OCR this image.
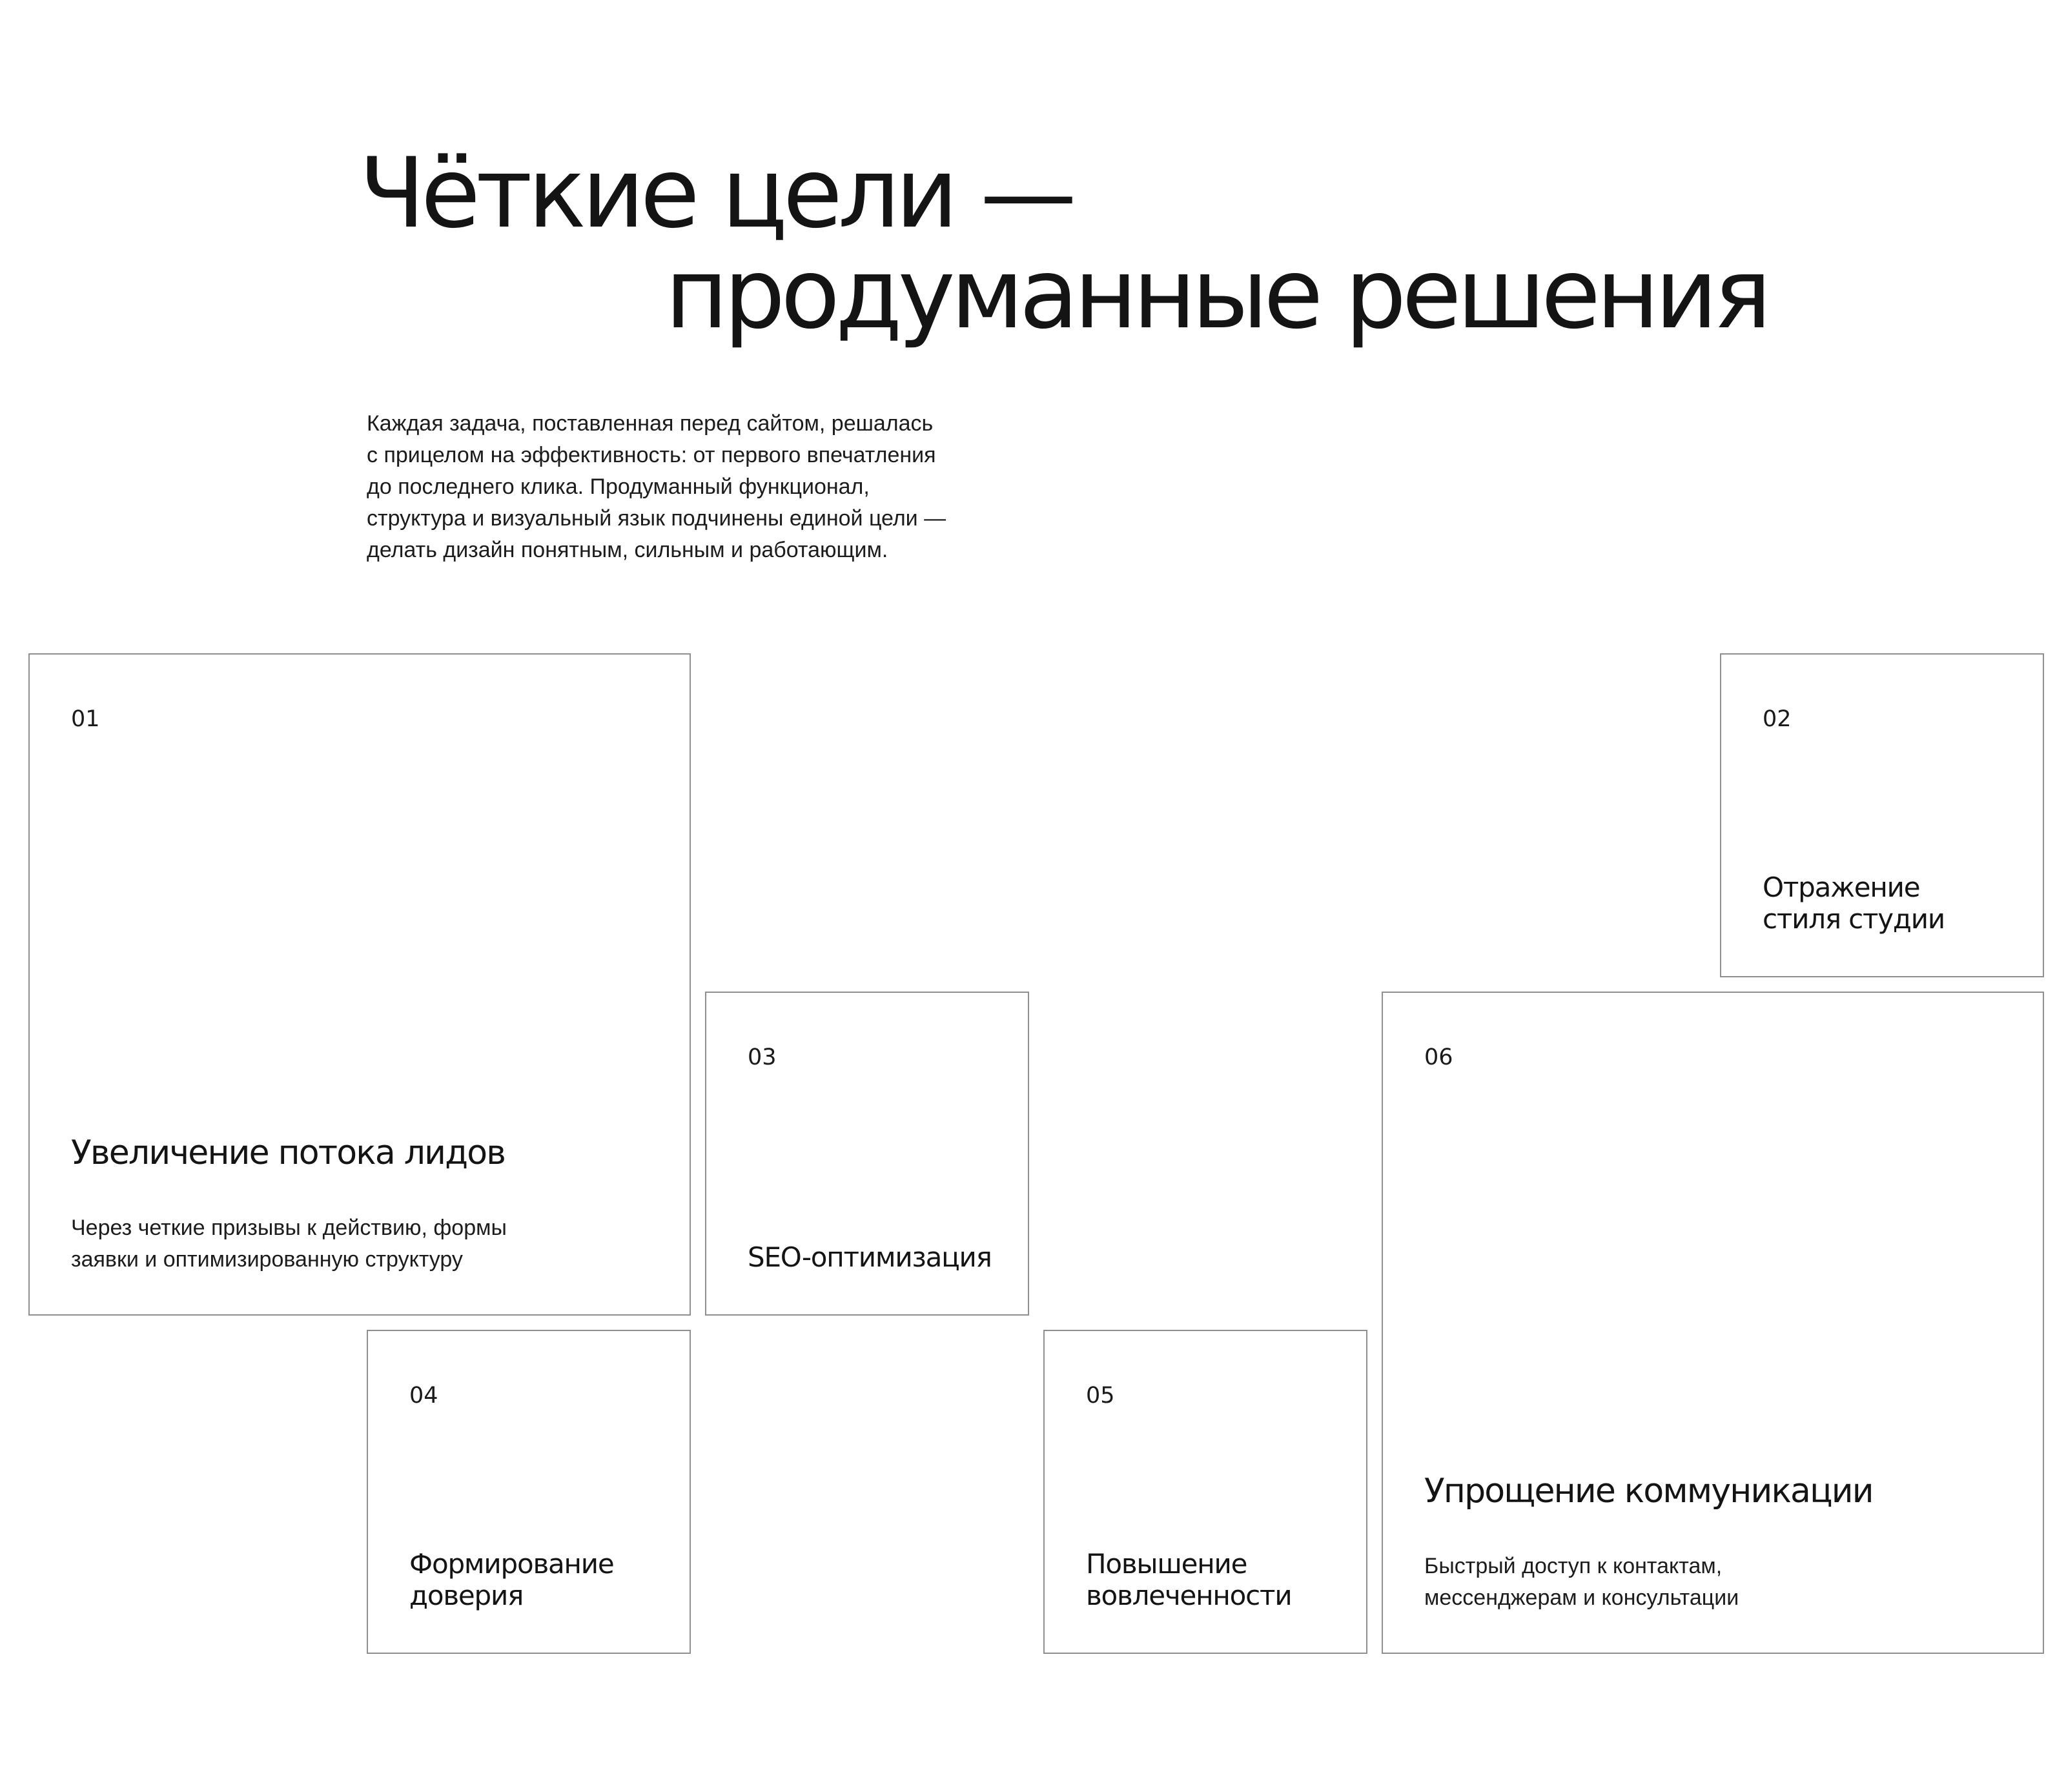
Чёткие цели —
продуманные решения

Каждая задача, поставленная перед сайтом, решалась
с прицелом на эффективность: от первого впечатления
до последнего клика. Продуманный функционал,
структура и визуальный язык подчинены единой цели —
делать дизайн понятным, сильным и работающим.

01
Увеличение потока лидов
Через четкие призывы к действию, формы
заявки и оптимизированную структуру
02
Отражение
стиля студии
03
SEO-оптимизация
04
Формирование
доверия
05
Повышение
вовлеченности
06
Упрощение коммуникации
Быстрый доступ к контактам,
мессенджерам и консультации
